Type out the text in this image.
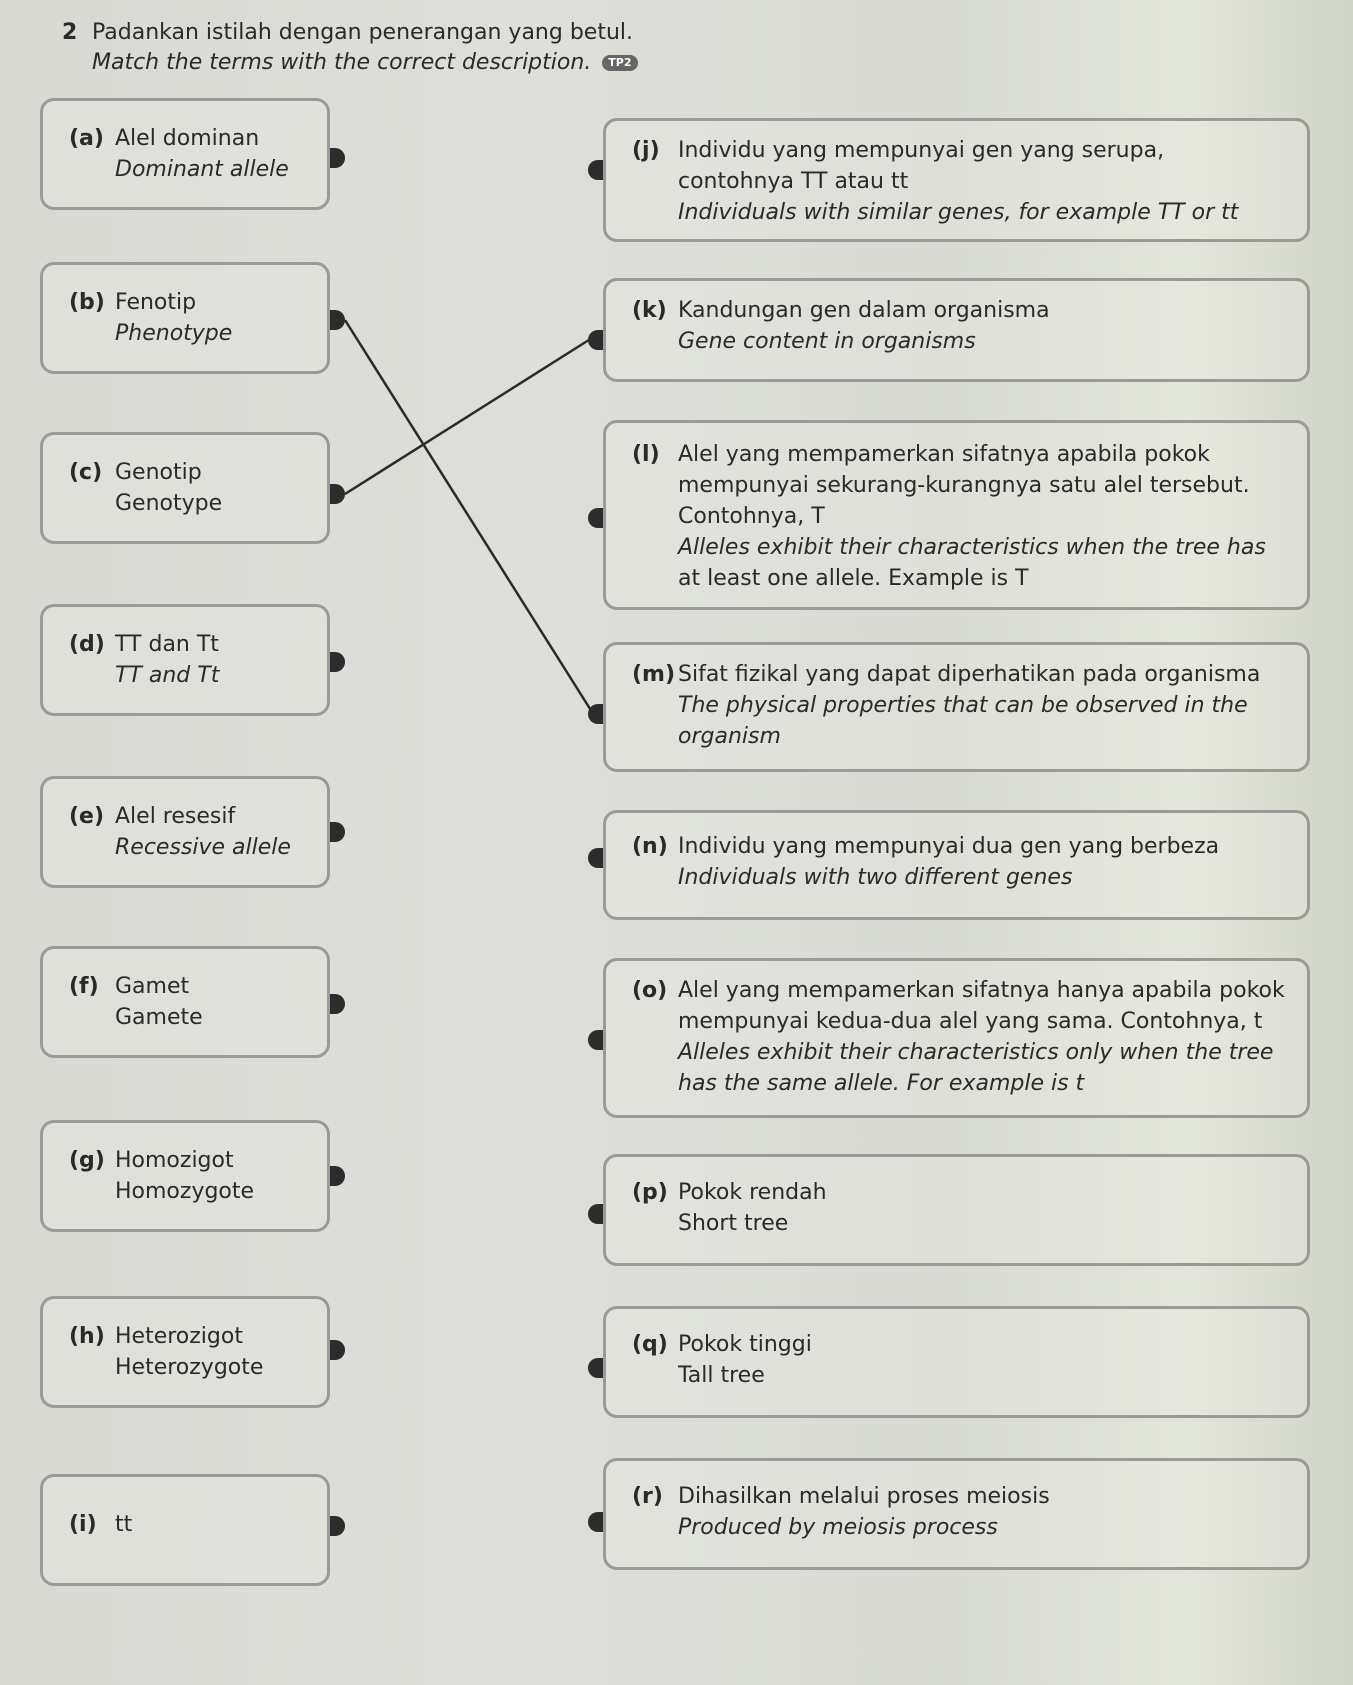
2 Padankan istilah dengan penerangan yang betul.
Match the terms with the correct description. TP2
(a) Alel dominan
Dominant allele
(b) Fenotip
Phenotype
(c) Genotip
Genotype
(d) TT dan Tt
TT and Tt
(e) Alel resesif
Recessive allele
(f) Gamet
Gamete
(g) Homozigot
Homozygote
(h) Heterozigot
Heterozygote
(i) tt
(j) Individu yang mempunyai gen yang serupa,
contohnya TT atau tt
Individuals with similar genes, for example TT or tt
(k) Kandungan gen dalam organisma
Gene content in organisms
(l) Alel yang mempamerkan sifatnya apabila pokok
mempunyai sekurang-kurangnya satu alel tersebut. Contohnya, T
Alleles exhibit their characteristics when the tree has
at least one allele. Example is T
(m) Sifat fizikal yang dapat diperhatikan pada organisma
The physical properties that can be observed in the
organism
(n) Individu yang mempunyai dua gen yang berbeza
Individuals with two different genes
(o) Alel yang mempamerkan sifatnya hanya apabila pokok
mempunyai kedua-dua alel yang sama. Contohnya, t
Alleles exhibit their characteristics only when the tree
has the same allele. For example is t
(p) Pokok rendah
Short tree
(q) Pokok tinggi
Tall tree
(r) Dihasilkan melalui proses meiosis
Produced by meiosis process
